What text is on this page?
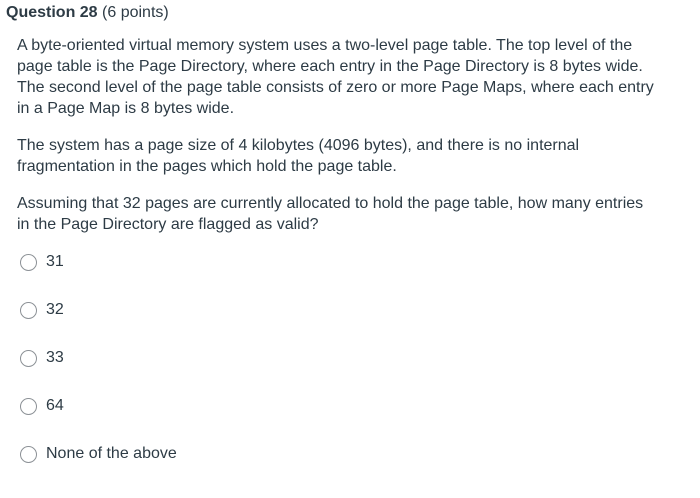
Question 28 (6 points)

A byte-oriented virtual memory system uses a two-level page table. The top level of the page table is the Page Directory, where each entry in the Page Directory is 8 bytes wide. The second level of the page table consists of zero or more Page Maps, where each entry in a Page Map is 8 bytes wide.

The system has a page size of 4 kilobytes (4096 bytes), and there is no internal fragmentation in the pages which hold the page table.

Assuming that 32 pages are currently allocated to hold the page table, how many entries in the Page Directory are flagged as valid?

31
32
33
64
None of the above
